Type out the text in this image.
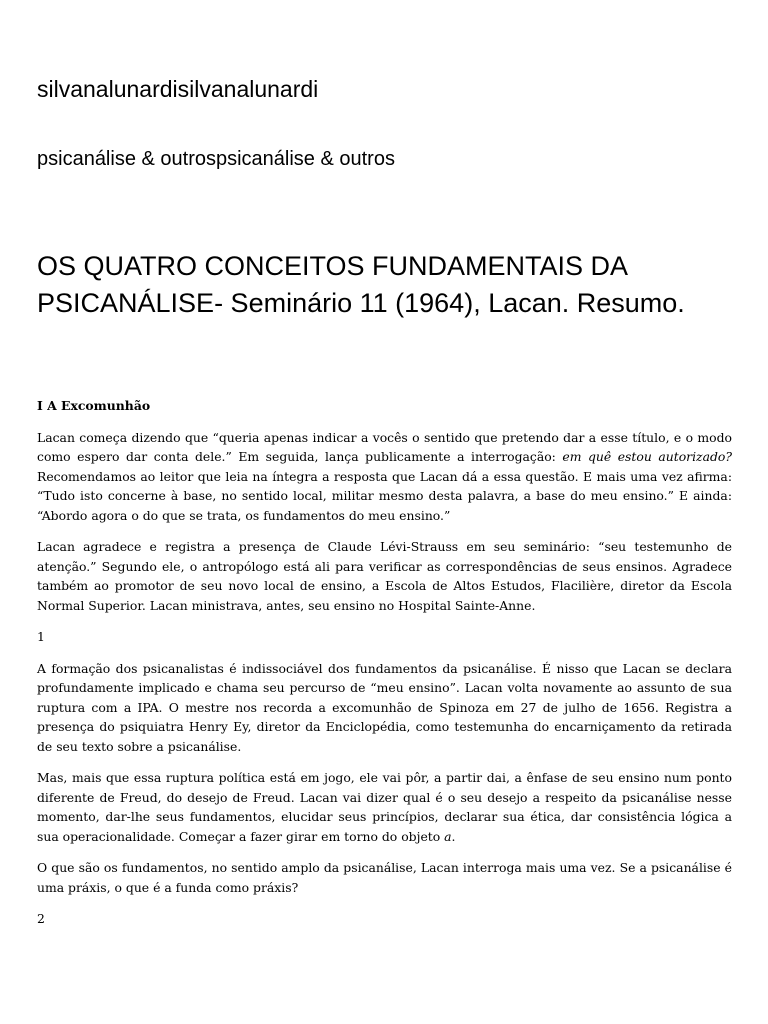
silvanalunardisilvanalunardi
psicanálise & outrospsicanálise & outros
OS QUATRO CONCEITOS FUNDAMENTAIS DA PSICANÁLISE- Seminário 11 (1964), Lacan. Resumo.
I A Excomunhão

Lacan começa dizendo que “queria apenas indicar a vocês o sentido que pretendo dar a esse título, e o modo como espero dar conta dele.” Em seguida, lança publicamente a interrogação: em quê estou autorizado? Recomendamos ao leitor que leia na íntegra a resposta que Lacan dá a essa questão. E mais uma vez afirma: “Tudo isto concerne à base, no sentido local, militar mesmo desta palavra, a base do meu ensino.” E ainda: “Abordo agora o do que se trata, os fundamentos do meu ensino.”

Lacan agradece e registra a presença de Claude Lévi-Strauss em seu seminário: “seu testemunho de atenção.” Segundo ele, o antropólogo está ali para verificar as correspondências de seus ensinos. Agradece também ao promotor de seu novo local de ensino, a Escola de Altos Estudos, Flacilière, diretor da Escola Normal Superior. Lacan ministrava, antes, seu ensino no Hospital Sainte-Anne.

1

A formação dos psicanalistas é indissociável dos fundamentos da psicanálise. É nisso que Lacan se declara profundamente implicado e chama seu percurso de “meu ensino”. Lacan volta novamente ao assunto de sua ruptura com a IPA. O mestre nos recorda a excomunhão de Spinoza em 27 de julho de 1656. Registra a presença do psiquiatra Henry Ey, diretor da Enciclopédia, como testemunha do encarniçamento da retirada de seu texto sobre a psicanálise.

Mas, mais que essa ruptura política está em jogo, ele vai pôr, a partir dai, a ênfase de seu ensino num ponto diferente de Freud, do desejo de Freud. Lacan vai dizer qual é o seu desejo a respeito da psicanálise nesse momento, dar-lhe seus fundamentos, elucidar seus princípios, declarar sua ética, dar consistência lógica a sua operacionalidade. Começar a fazer girar em torno do objeto a.

O que são os fundamentos, no sentido amplo da psicanálise, Lacan interroga mais uma vez. Se a psicanálise é uma práxis, o que é a funda como práxis?

2
